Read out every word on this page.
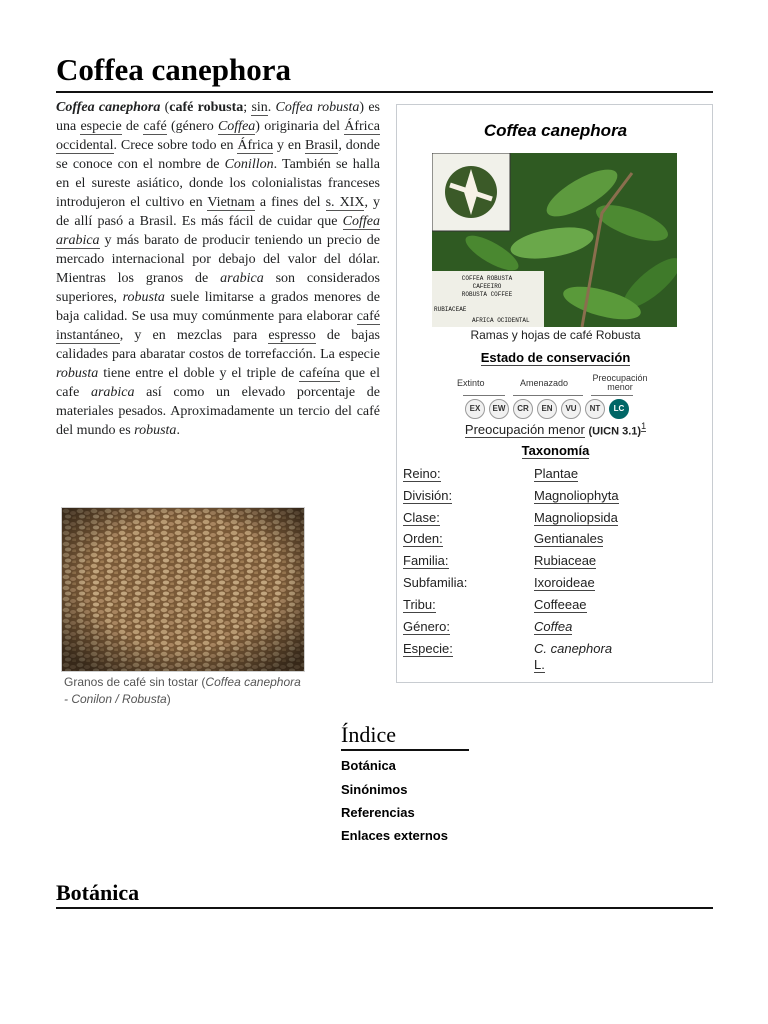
Coffea canephora

Coffea canephora (café robusta; sin. Coffea robusta) es una especie de café (género Coffea) originaria del África occidental. Crece sobre todo en África y en Brasil, donde se conoce con el nombre de Conillon. También se halla en el sureste asiático, donde los colonialistas franceses introdujeron el cultivo en Vietnam a fines del s. XIX, y de allí pasó a Brasil. Es más fácil de cuidar que Coffea arabica y más barato de producir teniendo un precio de mercado internacional por debajo del valor del dólar. Mientras los granos de arabica son considerados superiores, robusta suele limitarse a grados menores de baja calidad. Se usa muy comúnmente para elaborar café instantáneo, y en mezclas para espresso de bajas calidades para abaratar costos de torrefacción. La especie robusta tiene entre el doble y el triple de cafeína que el cafe arabica así como un elevado porcentaje de materiales pesados. Aproximadamente un tercio del café del mundo es robusta.

Granos de café sin tostar (Coffea canephora - Conilon / Robusta)
Coffea canephora
COFFEA ROBUSTA
CAFEEIRO
ROBUSTA COFFEE
RUBIACEAE
AFRICA OCIDENTAL
Ramas y hojas de café Robusta
Estado de conservación
Extinto	Amenazado	Preocupación
menor
EX	EW	CR	EN	VU	NT	LC
Preocupación menor (UICN 3.1)$^1$
Taxonomía
Reino:	Plantae
División:	Magnoliophyta
Clase:	Magnoliopsida
Orden:	Gentianales
Familia:	Rubiaceae
Subfamilia:	Ixoroideae
Tribu:	Coffeeae
Género:	Coffea
Especie:	C. canephora
L.
Índice
Botánica
Sinónimos
Referencias
Enlaces externos
Botánica
